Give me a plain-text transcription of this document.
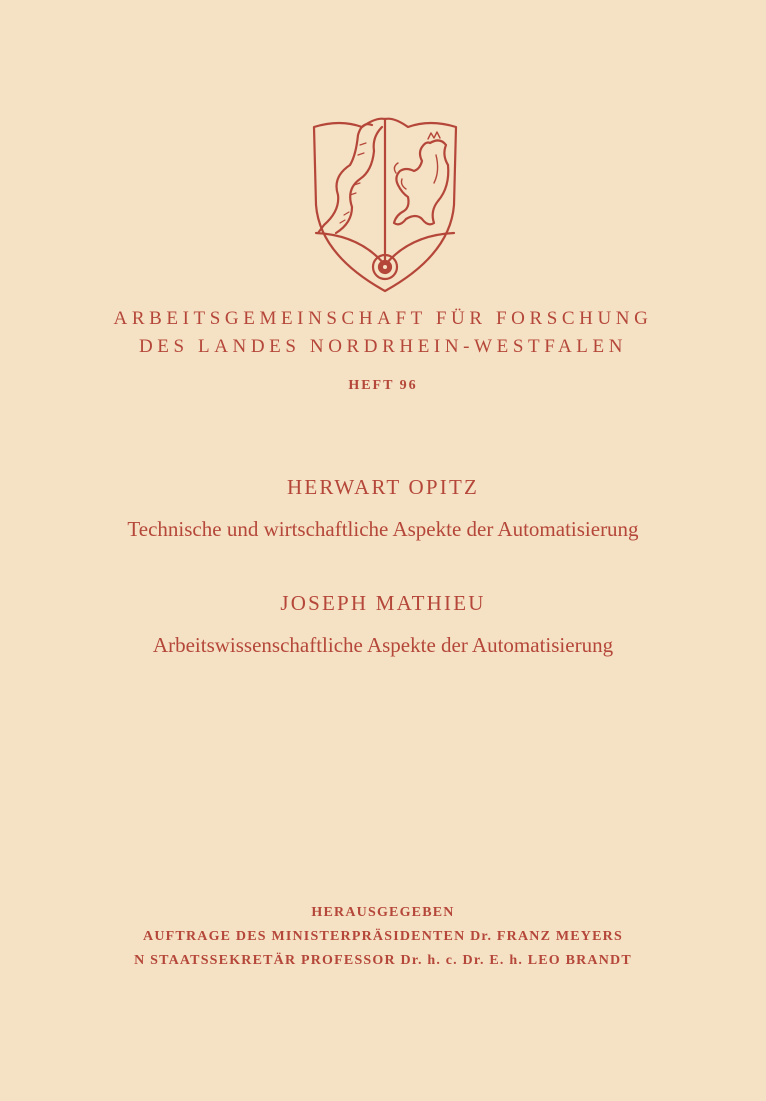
ARBEITSGEMEINSCHAFT FÜR FORSCHUNG
DES LANDES NORDRHEIN-WESTFALEN
HEFT 96
HERWART OPITZ
Technische und wirtschaftliche Aspekte der Automatisierung
JOSEPH MATHIEU
Arbeitswissenschaftliche Aspekte der Automatisierung
HERAUSGEGEBEN
AUFTRAGE DES MINISTERPRÄSIDENTEN Dr. FRANZ MEYERS
N STAATSSEKRETÄR PROFESSOR Dr. h. c. Dr. E. h. LEO BRANDT
